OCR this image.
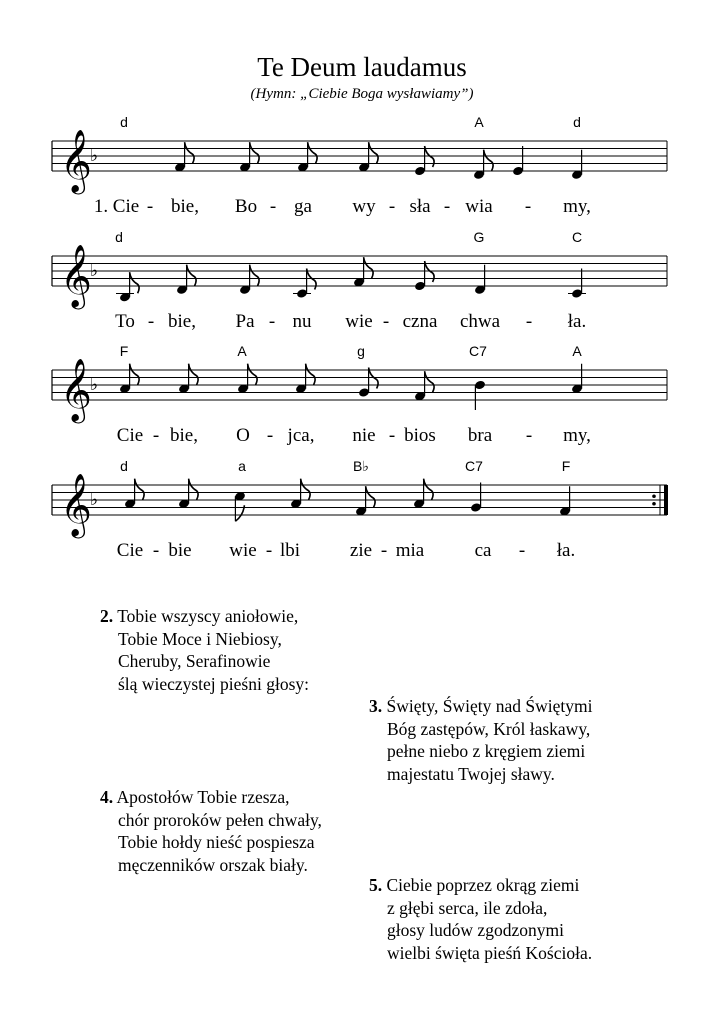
Te Deum laudamus
(Hymn: „Ciebie Boga wysławiamy”)
d	A	d
𝄞
♭
1. Cie - bie, Bo - ga wy - sła - wia - my,
d	G	C
𝄞
♭
To - bie, Pa - nu wie - czna chwa - ła.
F	A	g	C7	A
𝄞
♭
Cie - bie, O - jca, nie - bios bra - my,
d	a	B♭	C7	F
𝄞
♭
Cie - bie wie - lbi	zie - mia	ca - ła.
2. Tobie wszyscy aniołowie,
Tobie Moce i Niebiosy,
Cheruby, Serafinowie
ślą wieczystej pieśni głosy:
3. Święty, Święty nad Świętymi
Bóg zastępów, Król łaskawy,
pełne niebo z kręgiem ziemi
majestatu Twojej sławy.
4. Apostołów Tobie rzesza,
chór proroków pełen chwały,
Tobie hołdy nieść pospiesza
męczenników orszak biały.
5. Ciebie poprzez okrąg ziemi
z głębi serca, ile zdoła,
głosy ludów zgodzonymi
wielbi święta pieśń Kościoła.
